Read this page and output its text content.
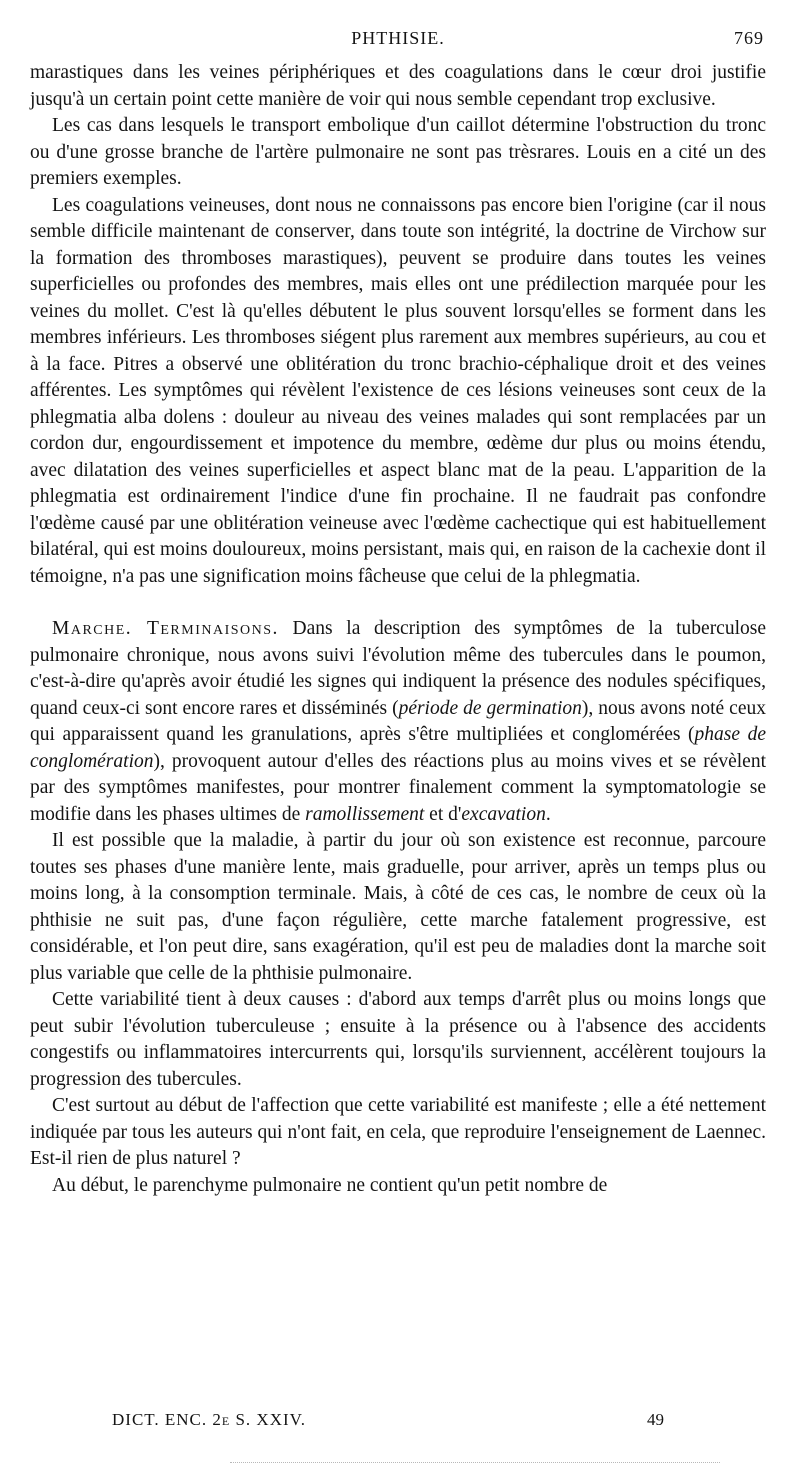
PHTHISIE.	769

marastiques dans les veines périphériques et des coagulations dans le cœur droi justifie jusqu'à un certain point cette manière de voir qui nous semble cependant trop exclusive.

Les cas dans lesquels le transport embolique d'un caillot détermine l'obstruction du tronc ou d'une grosse branche de l'artère pulmonaire ne sont pas trèsrares. Louis en a cité un des premiers exemples.

Les coagulations veineuses, dont nous ne connaissons pas encore bien l'origine (car il nous semble difficile maintenant de conserver, dans toute son intégrité, la doctrine de Virchow sur la formation des thromboses marastiques), peuvent se produire dans toutes les veines superficielles ou profondes des membres, mais elles ont une prédilection marquée pour les veines du mollet. C'est là qu'elles débutent le plus souvent lorsqu'elles se forment dans les membres inférieurs. Les thromboses siégent plus rarement aux membres supérieurs, au cou et à la face. Pitres a observé une oblitération du tronc brachio-céphalique droit et des veines afférentes. Les symptômes qui révèlent l'existence de ces lésions veineuses sont ceux de la phlegmatia alba dolens : douleur au niveau des veines malades qui sont remplacées par un cordon dur, engourdissement et impotence du membre, œdème dur plus ou moins étendu, avec dilatation des veines superficielles et aspect blanc mat de la peau. L'apparition de la phlegmatia est ordinairement l'indice d'une fin prochaine. Il ne faudrait pas confondre l'œdème causé par une oblitération veineuse avec l'œdème cachectique qui est habituellement bilatéral, qui est moins douloureux, moins persistant, mais qui, en raison de la cachexie dont il témoigne, n'a pas une signification moins fâcheuse que celui de la phlegmatia.

Marche. Terminaisons. Dans la description des symptômes de la tuberculose pulmonaire chronique, nous avons suivi l'évolution même des tubercules dans le poumon, c'est-à-dire qu'après avoir étudié les signes qui indiquent la présence des nodules spécifiques, quand ceux-ci sont encore rares et disséminés (période de germination), nous avons noté ceux qui apparaissent quand les granulations, après s'être multipliées et conglomérées (phase de conglomération), provoquent autour d'elles des réactions plus au moins vives et se révèlent par des symptômes manifestes, pour montrer finalement comment la symptomatologie se modifie dans les phases ultimes de ramollissement et d'excavation.

Il est possible que la maladie, à partir du jour où son existence est reconnue, parcoure toutes ses phases d'une manière lente, mais graduelle, pour arriver, après un temps plus ou moins long, à la consomption terminale. Mais, à côté de ces cas, le nombre de ceux où la phthisie ne suit pas, d'une façon régulière, cette marche fatalement progressive, est considérable, et l'on peut dire, sans exagération, qu'il est peu de maladies dont la marche soit plus variable que celle de la phthisie pulmonaire.

Cette variabilité tient à deux causes : d'abord aux temps d'arrêt plus ou moins longs que peut subir l'évolution tuberculeuse ; ensuite à la présence ou à l'absence des accidents congestifs ou inflammatoires intercurrents qui, lorsqu'ils surviennent, accélèrent toujours la progression des tubercules.

C'est surtout au début de l'affection que cette variabilité est manifeste ; elle a été nettement indiquée par tous les auteurs qui n'ont fait, en cela, que reproduire l'enseignement de Laennec. Est-il rien de plus naturel ?

Au début, le parenchyme pulmonaire ne contient qu'un petit nombre de

DICT. ENC. 2e S. XXIV.	49
